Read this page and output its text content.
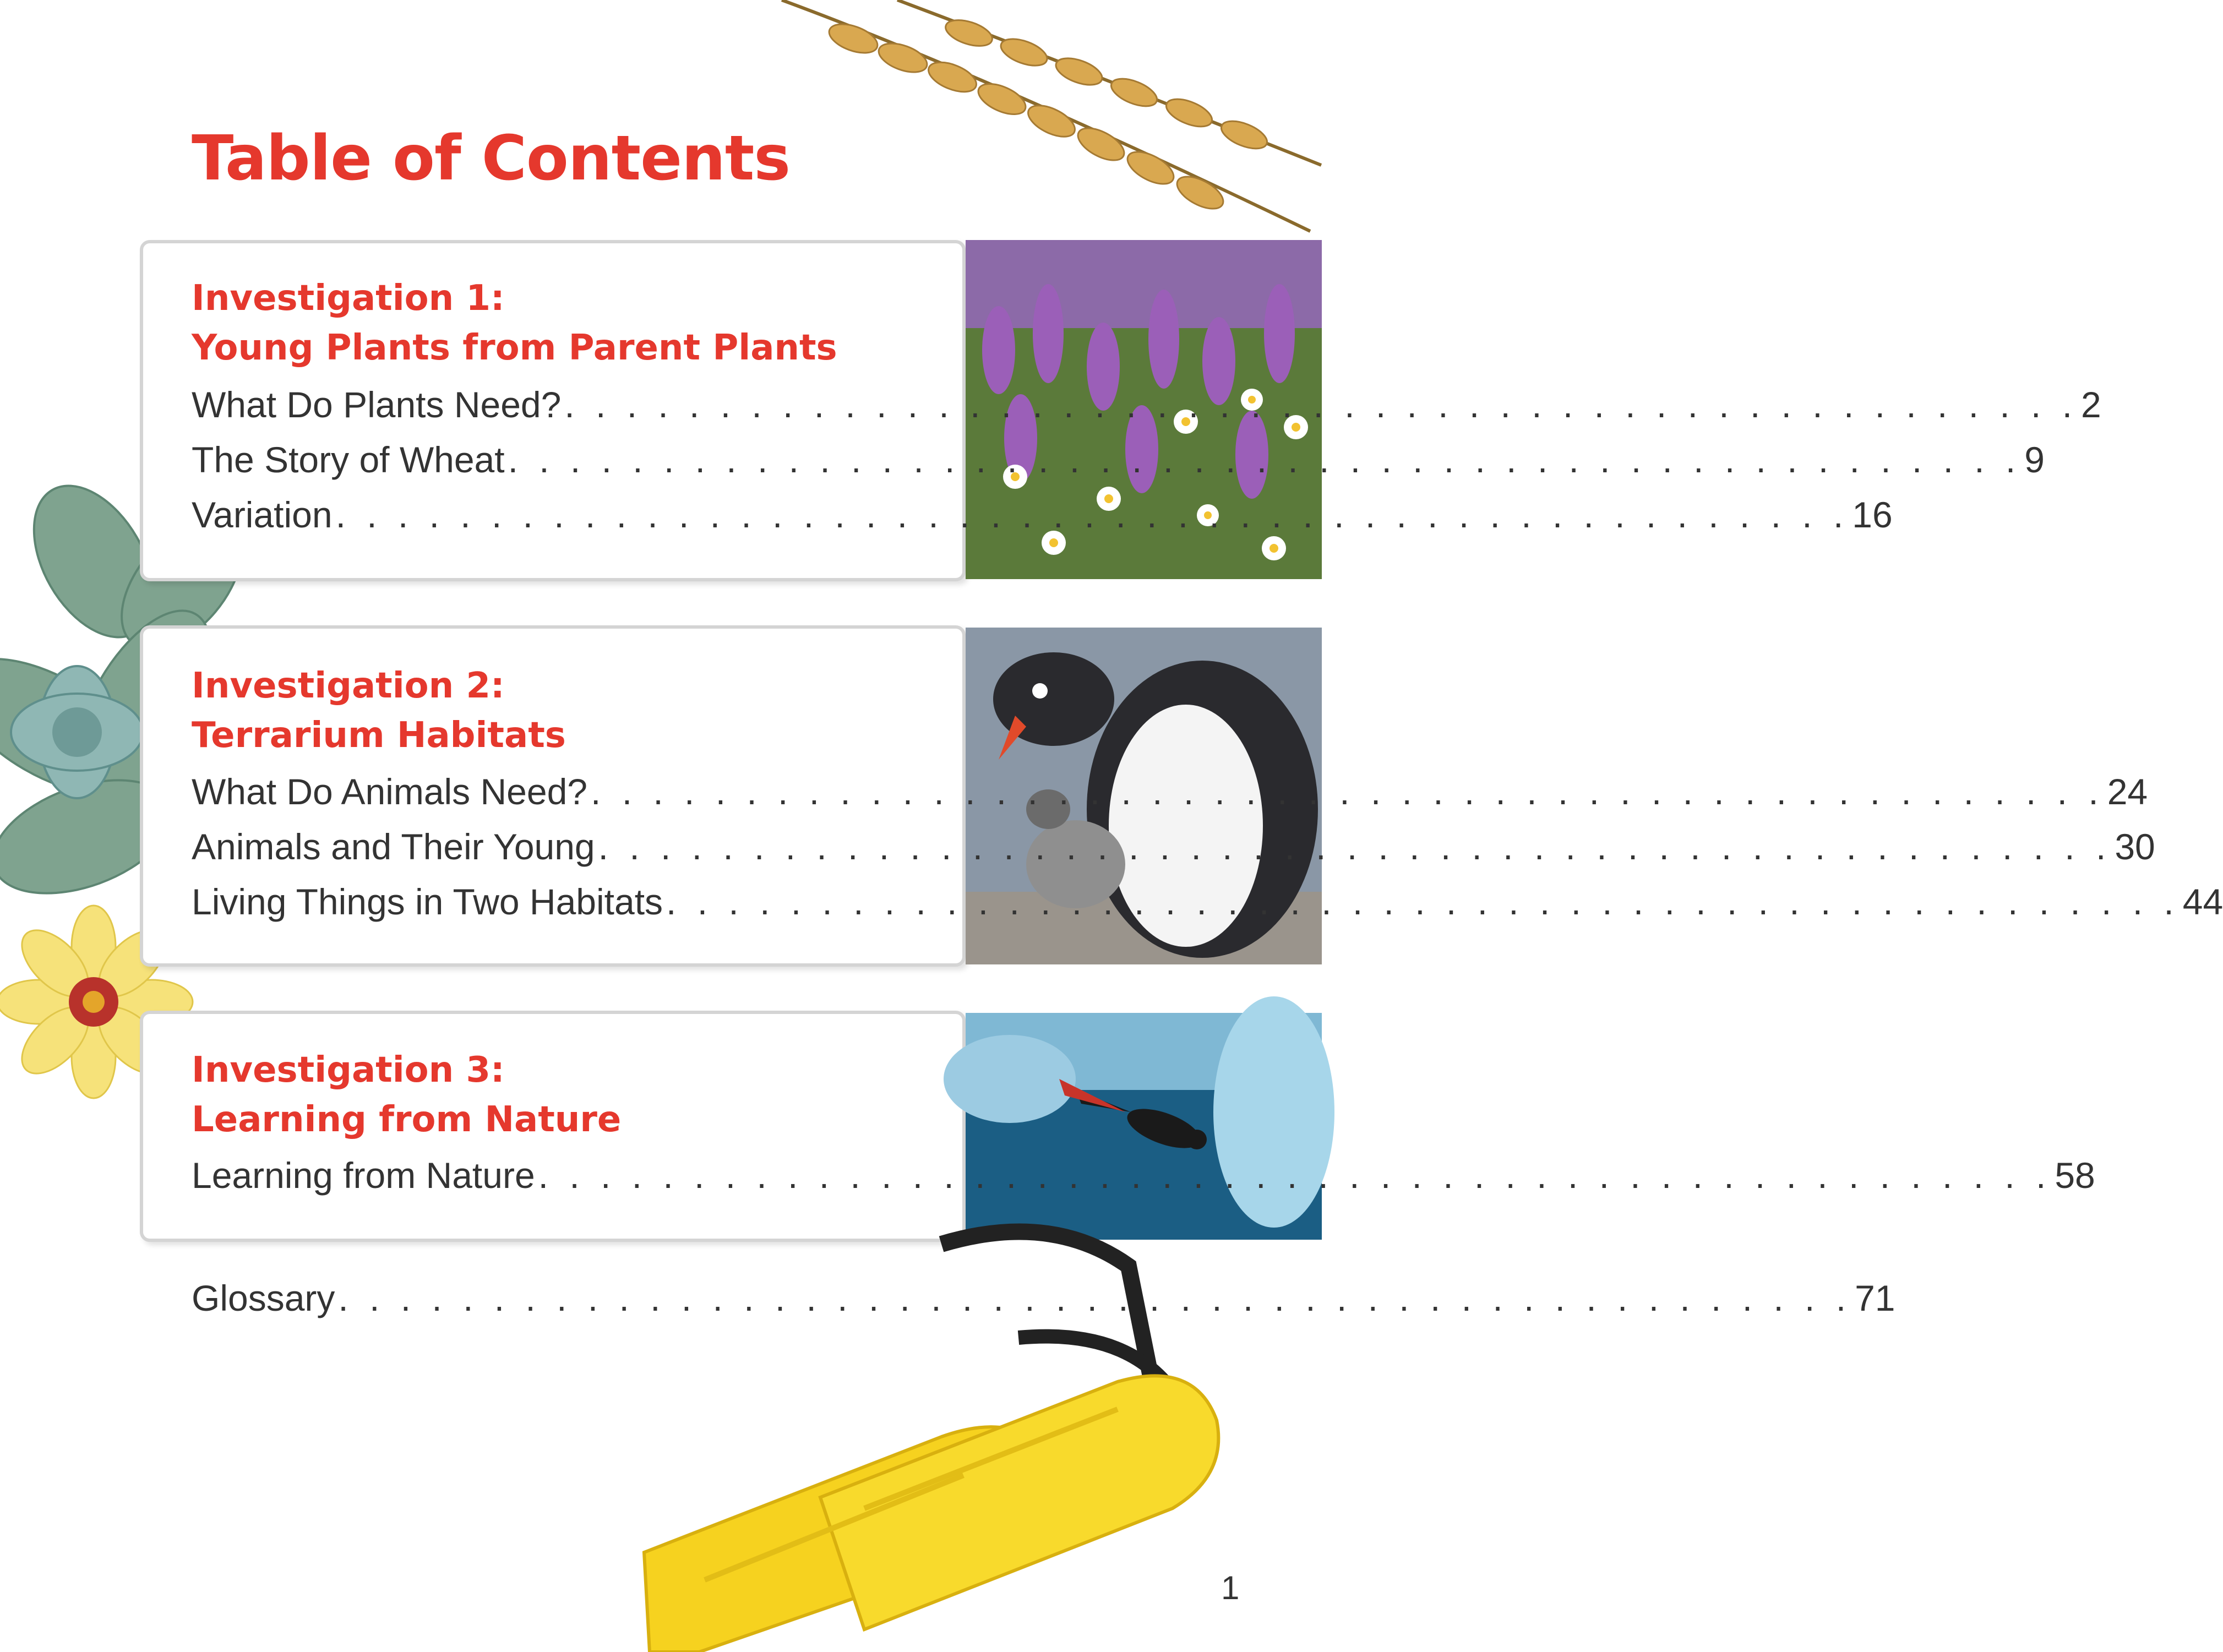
Table of Contents
Investigation 1:
Young Plants from Parent Plants
What Do Plants Need? . . . . . . . . . . . . . . . . . . . . . . . . . . . . . . . . . . . . . . . . . . . . . . . . . 2
The Story of Wheat . . . . . . . . . . . . . . . . . . . . . . . . . . . . . . . . . . . . . . . . . . . . . . . . . 9
Variation . . . . . . . . . . . . . . . . . . . . . . . . . . . . . . . . . . . . . . . . . . . . . . . . . 16
Investigation 2:
Terrarium Habitats
What Do Animals Need? . . . . . . . . . . . . . . . . . . . . . . . . . . . . . . . . . . . . . . . . . . . . . . . . . 24
Animals and Their Young . . . . . . . . . . . . . . . . . . . . . . . . . . . . . . . . . . . . . . . . . . . . . . . . . 30
Living Things in Two Habitats . . . . . . . . . . . . . . . . . . . . . . . . . . . . . . . . . . . . . . . . . . . . . . . . . 44
Investigation 3:
Learning from Nature
Learning from Nature . . . . . . . . . . . . . . . . . . . . . . . . . . . . . . . . . . . . . . . . . . . . . . . . . 58
Glossary . . . . . . . . . . . . . . . . . . . . . . . . . . . . . . . . . . . . . . . . . . . . . . . . . 71
1
